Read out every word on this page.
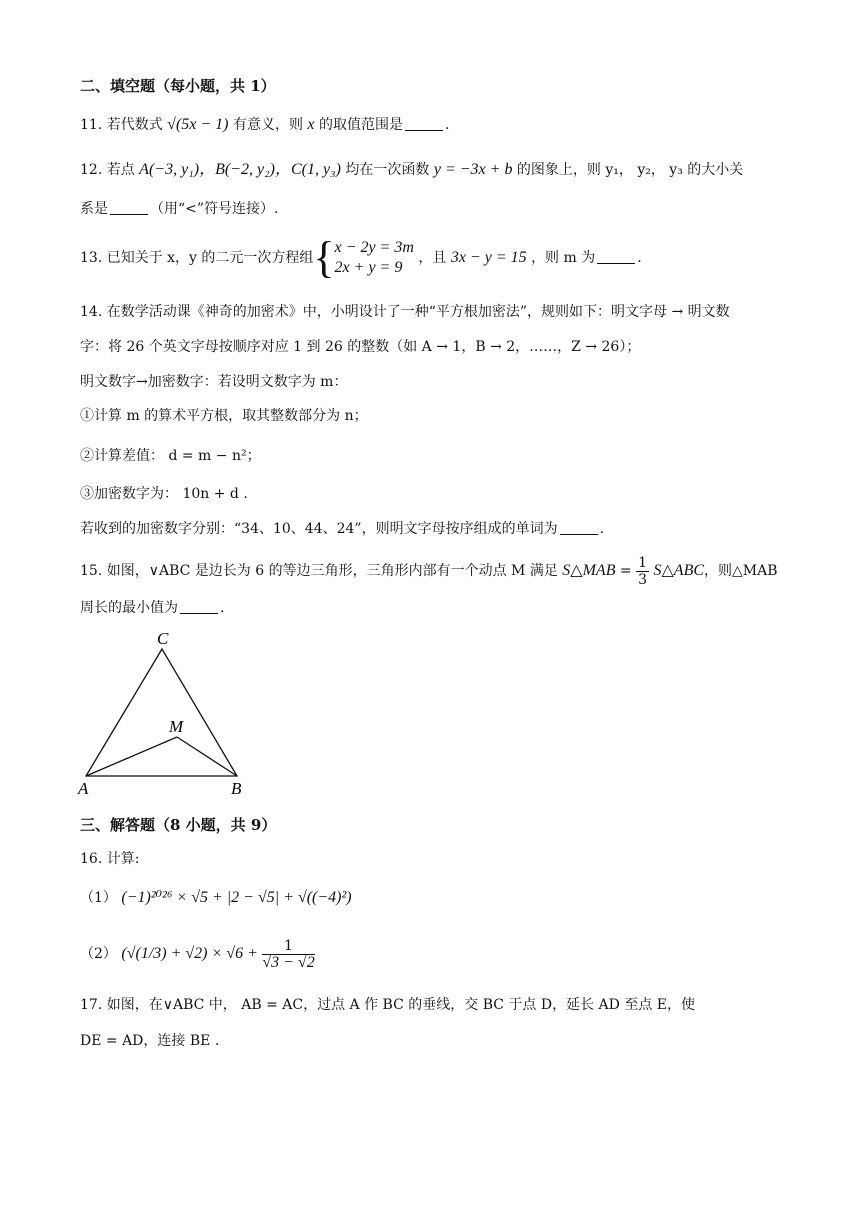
二、填空题（每小题，共 1）
11. 若代数式 √(5x − 1) 有意义，则 x 的取值范围是	.
12. 若点 A(−3, y₁)，B(−2, y₂)，C(1, y₃) 均在一次函数 y = −3x + b 的图象上，则 y₁， y₂， y₃ 的大小关
系是	（用“<”符号连接）.
13. 已知关于 x，y 的二元一次方程组{ x − 2y = 3m
2x + y = 9
，且 3x − y = 15 ，则 m 为	.
14. 在数学活动课《神奇的加密术》中，小明设计了一种“平方根加密法”，规则如下：明文字母 → 明文数
字：将 26 个英文字母按顺序对应 1 到 26 的整数（如 A → 1，B → 2，……，Z → 26）；
明文数字→加密数字：若设明文数字为 m：
①计算 m 的算术平方根，取其整数部分为 n；
②计算差值： d = m − n²；
③加密数字为： 10n + d .
若收到的加密数字分别：“34、10、44、24”，则明文字母按序组成的单词为	.
15. 如图，∨ABC 是边长为 6 的等边三角形，三角形内部有一个动点 M 满足 S△MAB = $\frac{1}{3}$ S△ABC，则△MAB
周长的最小值为	.
C
M
A	B
三、解答题（8 小题，共 9）
16. 计算:
（1） (−1)²⁰²⁶ × √5 + |2 − √5| + √((−4)²)
（2） $(√(1/3) + √2) \times √6 + \frac{1}{√3 - √2}$
17. 如图，在∨ABC 中， AB = AC，过点 A 作 BC 的垂线，交 BC 于点 D，延长 AD 至点 E，使
DE = AD，连接 BE .
